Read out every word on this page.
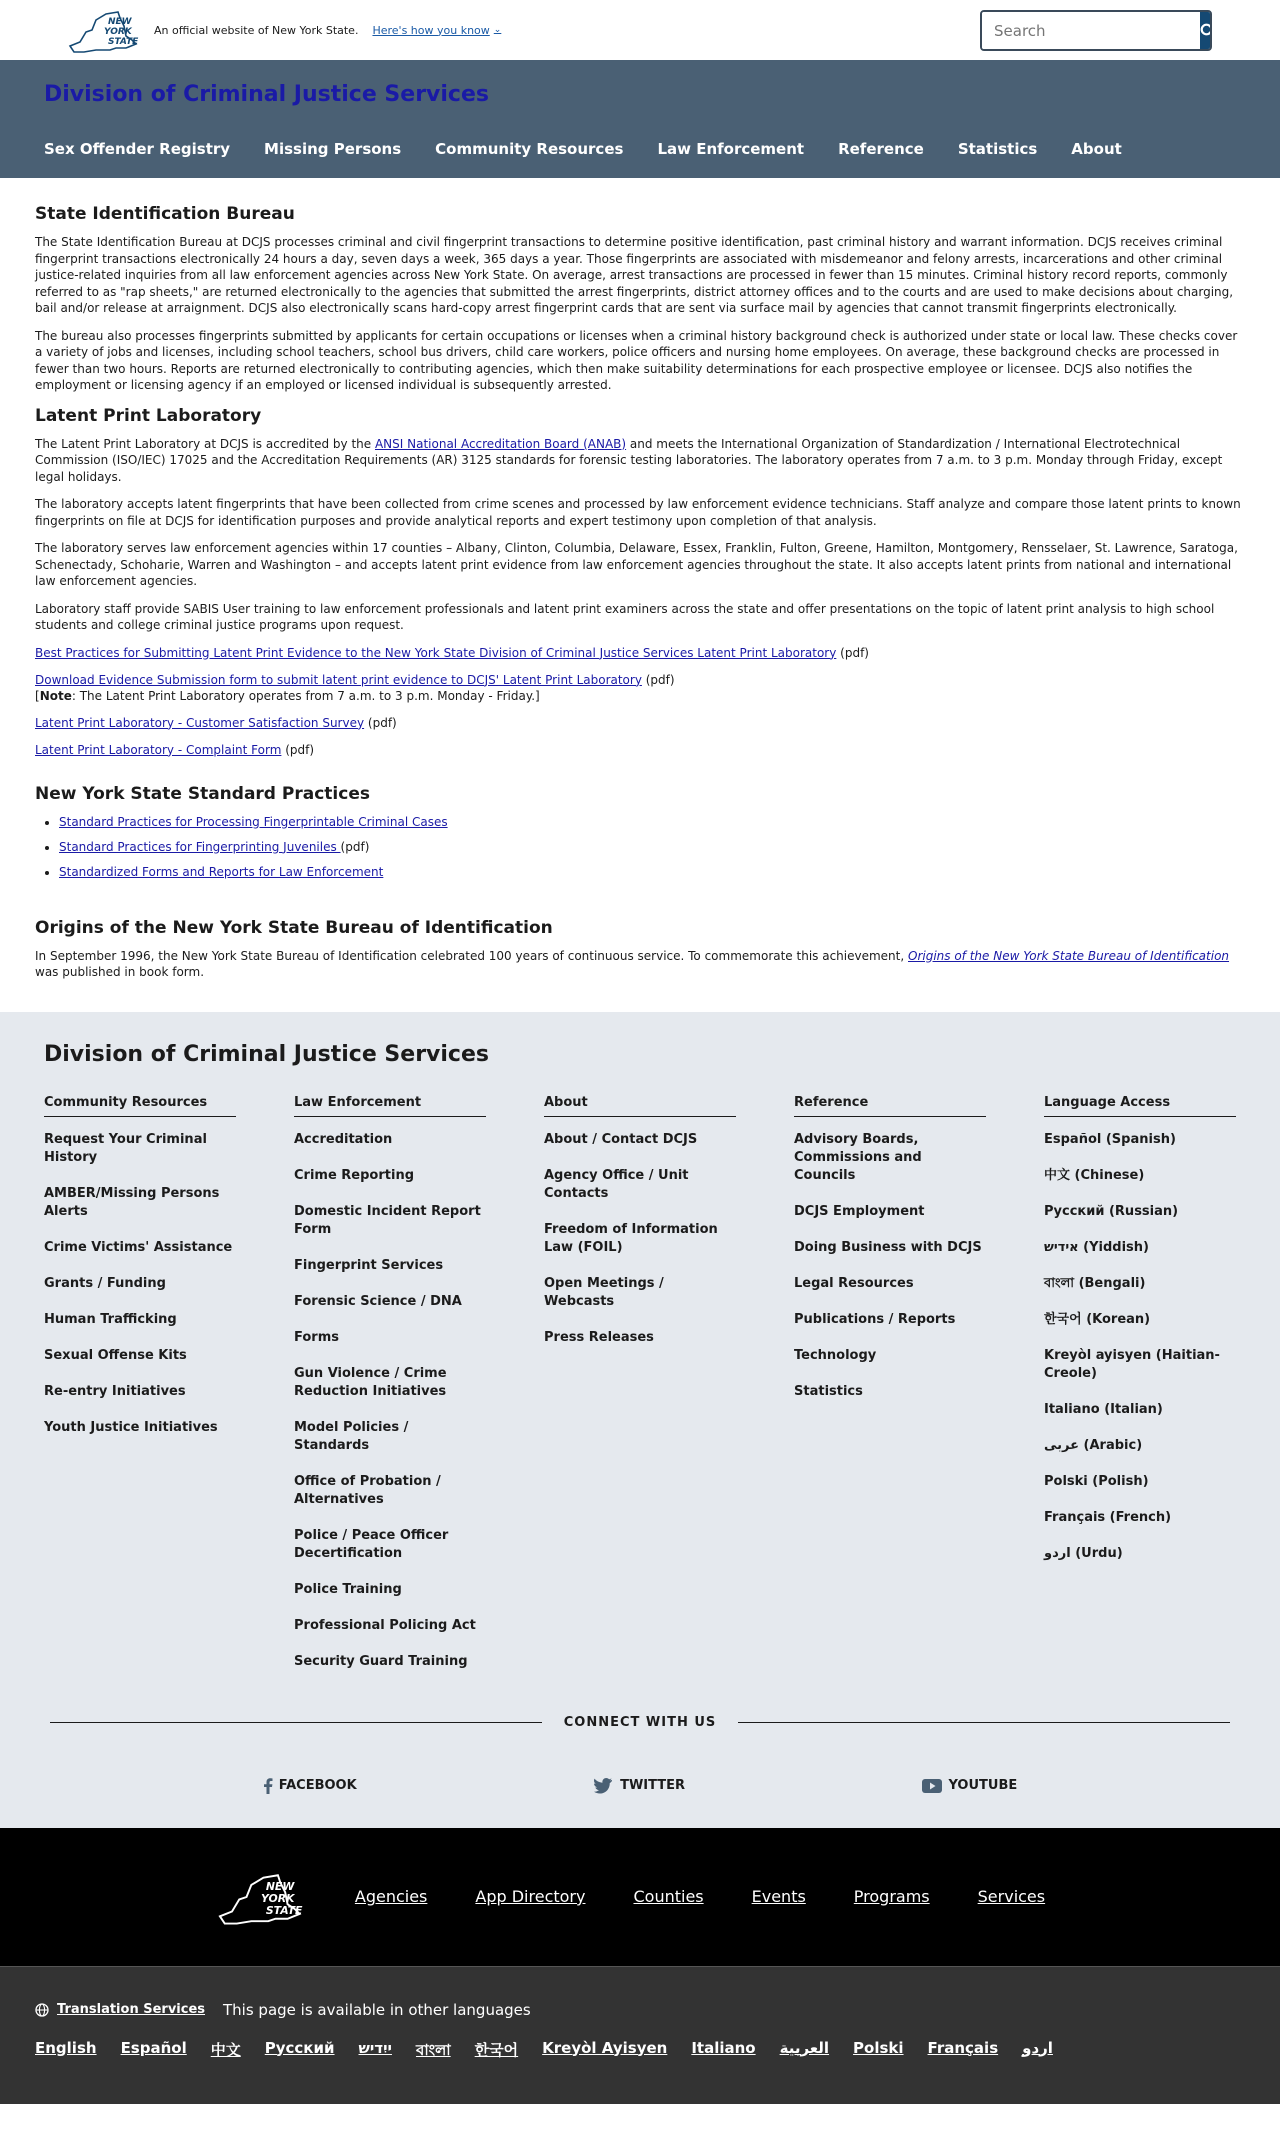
NEW
YORK
STATE
An official website of New York State. Here's how you know ⌄
Search
Division of Criminal Justice Services
Sex Offender Registry Missing Persons Community Resources Law Enforcement Reference Statistics About
State Identification Bureau

The State Identification Bureau at DCJS processes criminal and civil fingerprint transactions to determine positive identification, past criminal history and warrant information. DCJS receives criminal fingerprint transactions electronically 24 hours a day, seven days a week, 365 days a year. Those fingerprints are associated with misdemeanor and felony arrests, incarcerations and other criminal justice-related inquiries from all law enforcement agencies across New York State. On average, arrest transactions are processed in fewer than 15 minutes. Criminal history record reports, commonly referred to as "rap sheets," are returned electronically to the agencies that submitted the arrest fingerprints, district attorney offices and to the courts and are used to make decisions about charging, bail and/or release at arraignment. DCJS also electronically scans hard-copy arrest fingerprint cards that are sent via surface mail by agencies that cannot transmit fingerprints electronically.

The bureau also processes fingerprints submitted by applicants for certain occupations or licenses when a criminal history background check is authorized under state or local law. These checks cover a variety of jobs and licenses, including school teachers, school bus drivers, child care workers, police officers and nursing home employees. On average, these background checks are processed in fewer than two hours. Reports are returned electronically to contributing agencies, which then make suitability determinations for each prospective employee or licensee. DCJS also notifies the employment or licensing agency if an employed or licensed individual is subsequently arrested.

Latent Print Laboratory

The Latent Print Laboratory at DCJS is accredited by the ANSI National Accreditation Board (ANAB) and meets the International Organization of Standardization / International Electrotechnical Commission (ISO/IEC) 17025 and the Accreditation Requirements (AR) 3125 standards for forensic testing laboratories. The laboratory operates from 7 a.m. to 3 p.m. Monday through Friday, except legal holidays.

The laboratory accepts latent fingerprints that have been collected from crime scenes and processed by law enforcement evidence technicians. Staff analyze and compare those latent prints to known fingerprints on file at DCJS for identification purposes and provide analytical reports and expert testimony upon completion of that analysis.

The laboratory serves law enforcement agencies within 17 counties – Albany, Clinton, Columbia, Delaware, Essex, Franklin, Fulton, Greene, Hamilton, Montgomery, Rensselaer, St. Lawrence, Saratoga, Schenectady, Schoharie, Warren and Washington – and accepts latent print evidence from law enforcement agencies throughout the state. It also accepts latent prints from national and international law enforcement agencies.

Laboratory staff provide SABIS User training to law enforcement professionals and latent print examiners across the state and offer presentations on the topic of latent print analysis to high school students and college criminal justice programs upon request.

Best Practices for Submitting Latent Print Evidence to the New York State Division of Criminal Justice Services Latent Print Laboratory (pdf)
Download Evidence Submission form to submit latent print evidence to DCJS' Latent Print Laboratory (pdf)
[Note: The Latent Print Laboratory operates from 7 a.m. to 3 p.m. Monday - Friday.]
Latent Print Laboratory - Customer Satisfaction Survey (pdf)
Latent Print Laboratory - Complaint Form (pdf)
New York State Standard Practices
• Standard Practices for Processing Fingerprintable Criminal Cases
• Standard Practices for Fingerprinting Juveniles (pdf)
• Standardized Forms and Reports for Law Enforcement
Origins of the New York State Bureau of Identification

In September 1996, the New York State Bureau of Identification celebrated 100 years of continuous service. To commemorate this achievement, Origins of the New York State Bureau of Identification was published in book form.

Division of Criminal Justice Services
Community Resources
Request Your Criminal History
AMBER/Missing Persons Alerts
Crime Victims' Assistance
Grants / Funding
Human Trafficking
Sexual Offense Kits
Re-entry Initiatives
Youth Justice Initiatives
Law Enforcement
Accreditation
Crime Reporting
Domestic Incident Report Form
Fingerprint Services
Forensic Science / DNA
Forms
Gun Violence / Crime Reduction Initiatives
Model Policies / Standards
Office of Probation / Alternatives
Police / Peace Officer Decertification
Police Training
Professional Policing Act
Security Guard Training
About
About / Contact DCJS
Agency Office / Unit Contacts
Freedom of Information Law (FOIL)
Open Meetings / Webcasts
Press Releases
Reference
Advisory Boards, Commissions and Councils
DCJS Employment
Doing Business with DCJS
Legal Resources
Publications / Reports
Technology
Statistics
Language Access
Español (Spanish)
中文 (Chinese)
Русский (Russian)
אידיש (Yiddish)
বাংলা (Bengali)
한국어 (Korean)
Kreyòl ayisyen (Haitian-Creole)
Italiano (Italian)
عربى (Arabic)
Polski (Polish)
Français (French)
اردو (Urdu)
CONNECT WITH US
FACEBOOK	TWITTER	YOUTUBE
NEW
YORK
STATE
Agencies	App Directory	Counties	Events	Programs	Services
Translation Services This page is available in other languages
English Español 中文 Русский ייִדיש বাংলা 한국어 Kreyòl Ayisyen Italiano العربية Polski Français اردو
